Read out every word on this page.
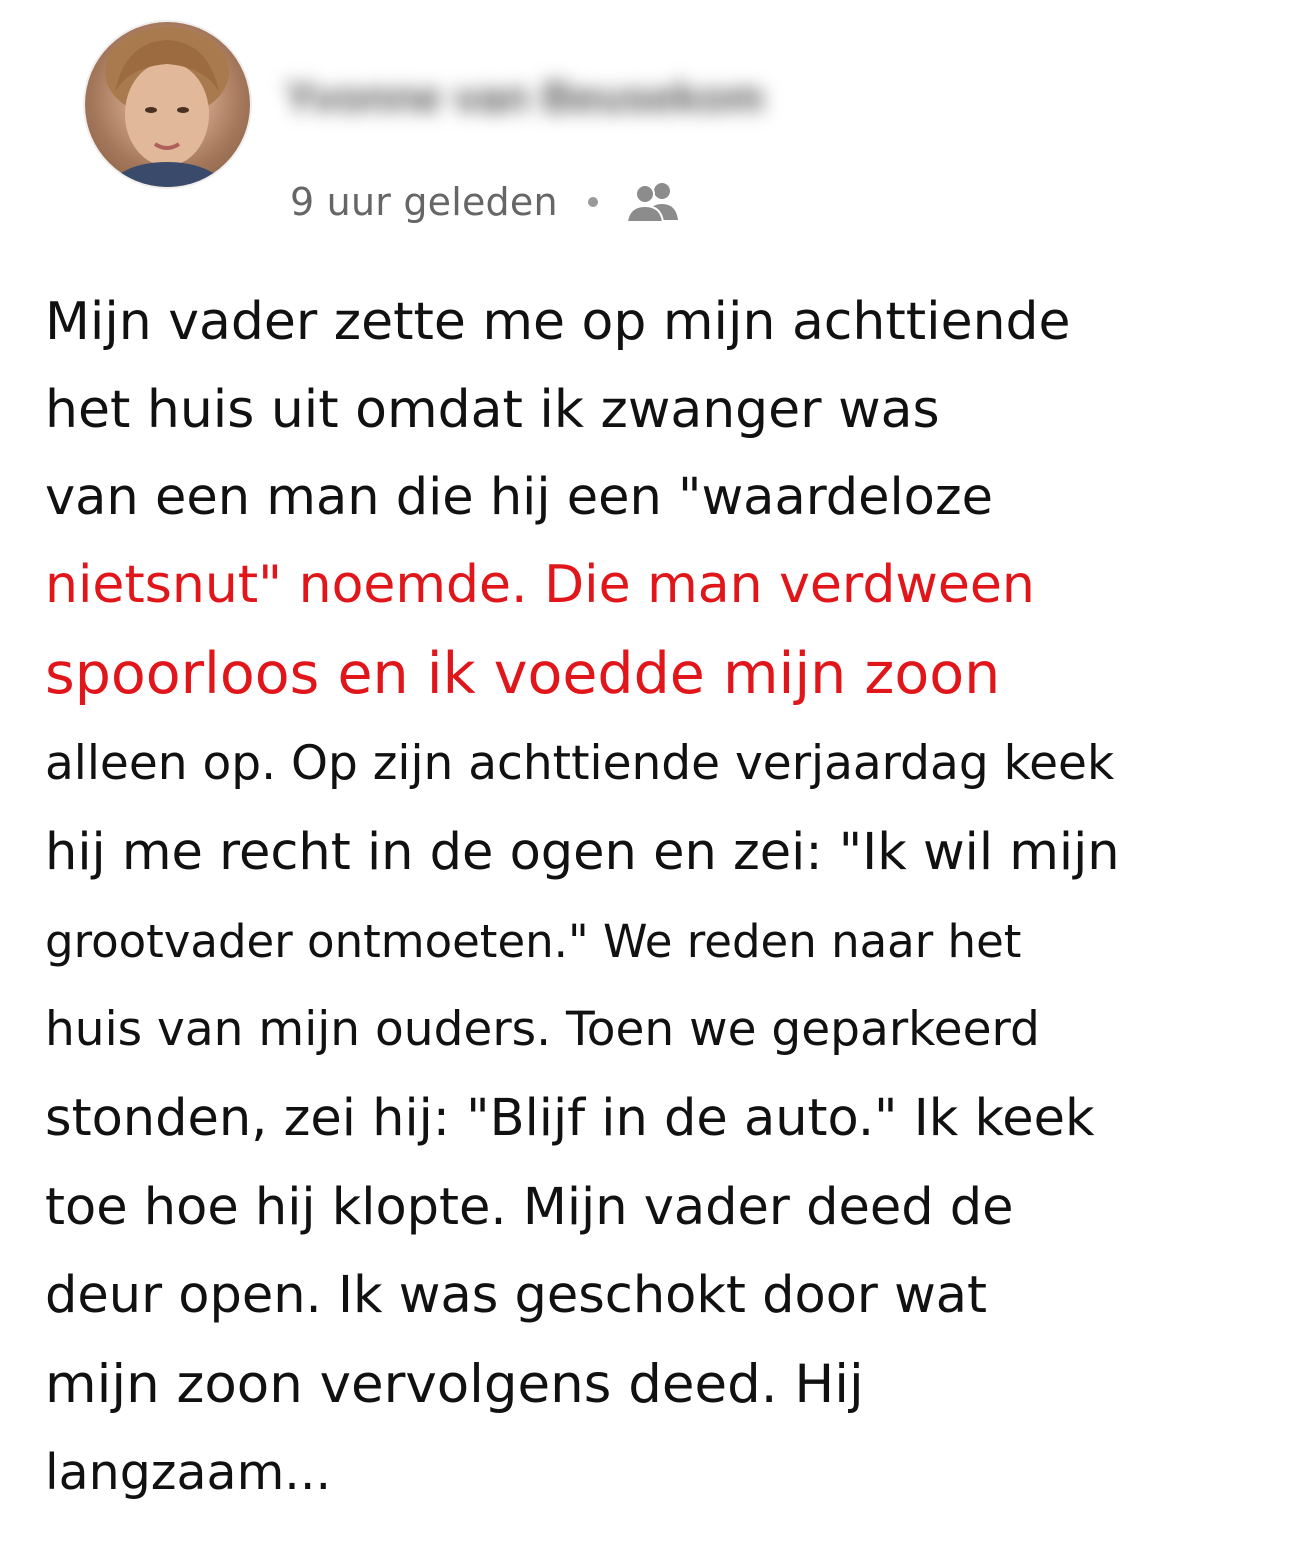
Yvonne van Beusekom
9 uur geleden
Mijn vader zette me op mijn achttiende
het huis uit omdat ik zwanger was
van een man die hij een "waardeloze
nietsnut" noemde. Die man verdween
spoorloos en ik voedde mijn zoon
alleen op. Op zijn achttiende verjaardag keek
hij me recht in de ogen en zei: "Ik wil mijn
grootvader ontmoeten." We reden naar het
huis van mijn ouders. Toen we geparkeerd
stonden, zei hij: "Blijf in de auto." Ik keek
toe hoe hij klopte. Mijn vader deed de
deur open. Ik was geschokt door wat
mijn zoon vervolgens deed. Hij
langzaam...
